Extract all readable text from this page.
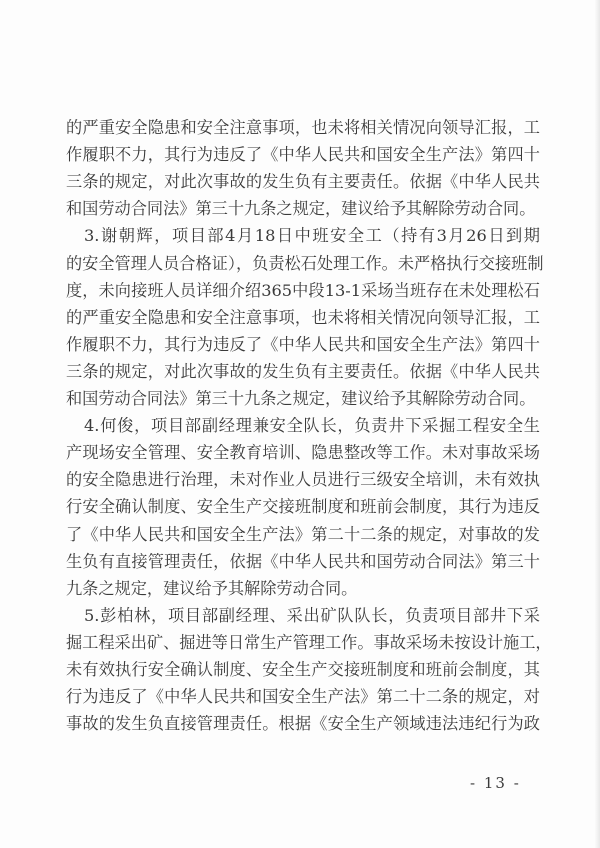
的严重安全隐患和安全注意事项，也未将相关情况向领导汇报，工
作履职不力，其行为违反了《中华人民共和国安全生产法》第四十
三条的规定，对此次事故的发生负有主要责任。依据《中华人民共
和国劳动合同法》第三十九条之规定，建议给予其解除劳动合同。
3.谢朝辉，项目部4月18日中班安全工（持有3月26日到期
的安全管理人员合格证），负责松石处理工作。未严格执行交接班制
度，未向接班人员详细介绍365中段13-1采场当班存在未处理松石
的严重安全隐患和安全注意事项，也未将相关情况向领导汇报，工
作履职不力，其行为违反了《中华人民共和国安全生产法》第四十
三条的规定，对此次事故的发生负有主要责任。依据《中华人民共
和国劳动合同法》第三十九条之规定，建议给予其解除劳动合同。
4.何俊，项目部副经理兼安全队长，负责井下采掘工程安全生
产现场安全管理、安全教育培训、隐患整改等工作。未对事故采场
的安全隐患进行治理，未对作业人员进行三级安全培训，未有效执
行安全确认制度、安全生产交接班制度和班前会制度，其行为违反
了《中华人民共和国安全生产法》第二十二条的规定，对事故的发
生负有直接管理责任，依据《中华人民共和国劳动合同法》第三十
九条之规定，建议给予其解除劳动合同。
5.彭柏林，项目部副经理、采出矿队队长，负责项目部井下采
掘工程采出矿、掘进等日常生产管理工作。事故采场未按设计施工，
未有效执行安全确认制度、安全生产交接班制度和班前会制度，其
行为违反了《中华人民共和国安全生产法》第二十二条的规定，对
事故的发生负直接管理责任。根据《安全生产领域违法违纪行为政
- 13 -
